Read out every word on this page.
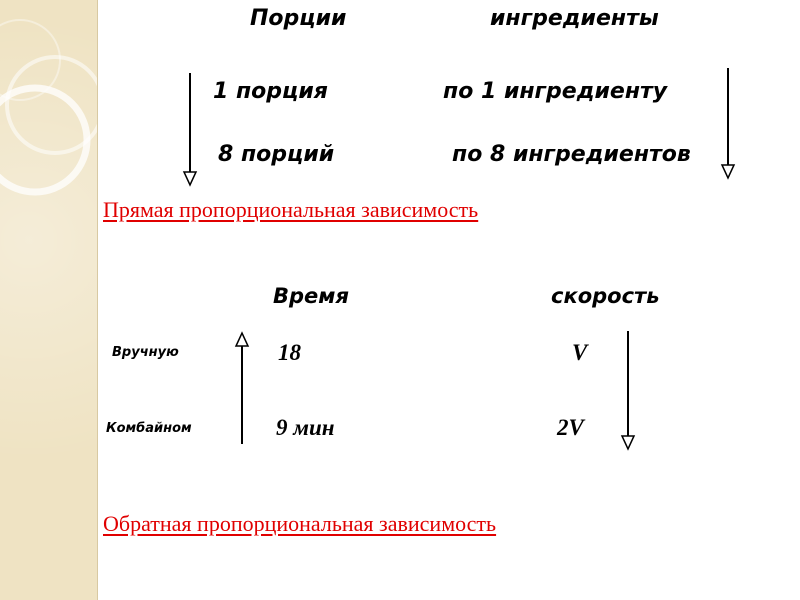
Порции	ингредиенты
1 порция	по 1 ингредиенту
8 порций	по 8 ингредиентов
Прямая пропорциональная зависимость
Время	скорость
Вручную	18	V
Комбайном	9 мин	2V
Обратная пропорциональная зависимость
